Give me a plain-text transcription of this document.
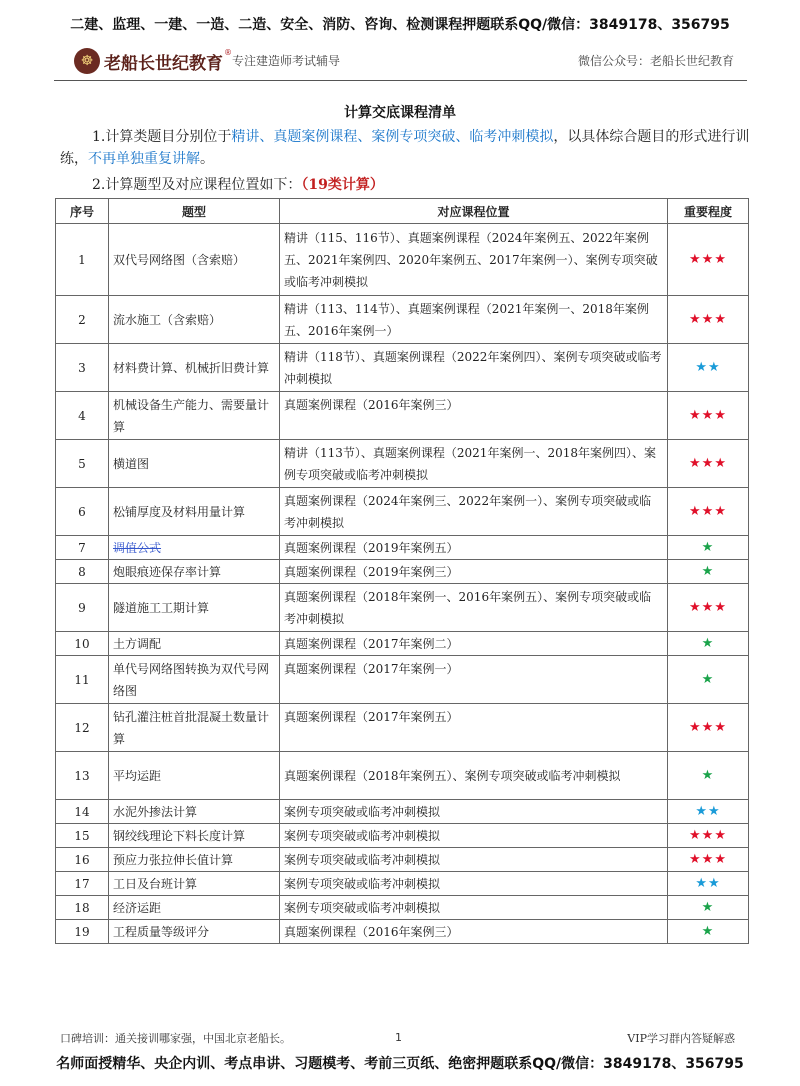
二建、监理、一建、一造、二造、安全、消防、咨询、检测课程押题联系QQ/微信：3849178、356795
☸ 老船长世纪教育
®
专注建造师考试辅导	微信公众号：老船长世纪教育
计算交底课程清单
1.计算类题目分别位于精讲、真题案例课程、案例专项突破、临考冲刺模拟，以具体综合题目的形式进行训练，不再单独重复讲解。
2.计算题型及对应课程位置如下：（19类计算）
序号	题型	对应课程位置	重要程度
1	双代号网络图（含索赔）	精讲（115、116节）、真题案例课程（2024年案例五、2022年案例五、2021年案例四、2020年案例五、2017年案例一）、案例专项突破或临考冲刺模拟	★★★
2	流水施工（含索赔）	精讲（113、114节）、真题案例课程（2021年案例一、2018年案例五、2016年案例一）	★★★
3	材料费计算、机械折旧费计算	精讲（118节）、真题案例课程（2022年案例四）、案例专项突破或临考冲刺模拟	★★
4	机械设备生产能力、需要量计算	真题案例课程（2016年案例三）	★★★
5	横道图	精讲（113节）、真题案例课程（2021年案例一、2018年案例四）、案例专项突破或临考冲刺模拟	★★★
6	松铺厚度及材料用量计算	真题案例课程（2024年案例三、2022年案例一）、案例专项突破或临考冲刺模拟	★★★
7	调值公式	真题案例课程（2019年案例五）	★
8	炮眼痕迹保存率计算	真题案例课程（2019年案例三）	★
9	隧道施工工期计算	真题案例课程（2018年案例一、2016年案例五）、案例专项突破或临考冲刺模拟	★★★
10	土方调配	真题案例课程（2017年案例二）	★
11	单代号网络图转换为双代号网络图	真题案例课程（2017年案例一）	★
12	钻孔灌注桩首批混凝土数量计算	真题案例课程（2017年案例五）	★★★
13	平均运距	真题案例课程（2018年案例五）、案例专项突破或临考冲刺模拟	★
14	水泥外掺法计算	案例专项突破或临考冲刺模拟	★★
15	钢绞线理论下料长度计算	案例专项突破或临考冲刺模拟	★★★
16	预应力张拉伸长值计算	案例专项突破或临考冲刺模拟	★★★
17	工日及台班计算	案例专项突破或临考冲刺模拟	★★
18	经济运距	案例专项突破或临考冲刺模拟	★
19	工程质量等级评分	真题案例课程（2016年案例三）	★
口碑培训：通关接训哪家强，中国北京老船长。	1	VIP学习群内答疑解惑
名师面授精华、央企内训、考点串讲、习题模考、考前三页纸、绝密押题联系QQ/微信：3849178、356795
